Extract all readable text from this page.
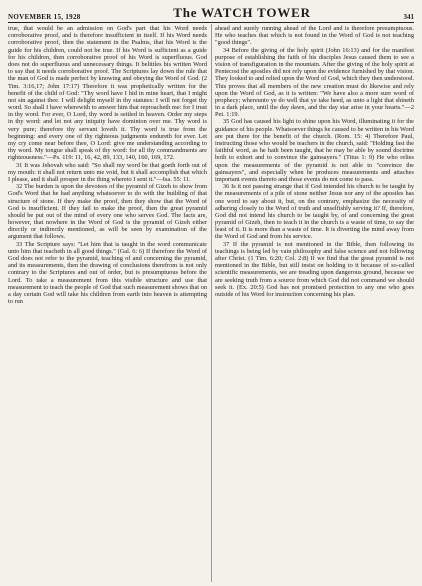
NOVEMBER 15, 1928	The WATCH TOWER	341

true, that would be an admission on God's part that his Word needs corroborative proof, and is therefore insufficient in itself. If his Word needs corroborative proof, then the statement in the Psalms, that his Word is the guide for his children, could not be true. If his Word is sufficient as a guide for his children, then corroborative proof of his Word is superfluous. God does not do superfluous and unnecessary things. It belittles his written Word to say that it needs corroborative proof. The Scriptures lay down the rule that the man of God is made perfect by knowing and obeying the Word of God. (2 Tim. 3:16,17; John 17:17) Therefore it was prophetically written for the benefit of the child of God: "Thy word have I hid in mine heart, that I might not sin against thee. I will delight myself in thy statutes: I will not forget thy word. So shall I have wherewith to answer him that reproacheth me: for I trust in thy word. For ever, O Lord, thy word is settled in heaven. Order my steps in thy word: and let not any iniquity have dominion over me. Thy word is very pure; therefore thy servant loveth it. Thy word is true from the beginning: and every one of thy righteous judgments endureth for ever. Let my cry come near before thee, O Lord: give me understanding according to thy word. My tongue shall speak of thy word: for all thy commandments are righteousness."—Ps. 119: 11, 16, 42, 89, 133, 140, 160, 169, 172.

31 It was Jehovah who said: "So shall my word be that goeth forth out of my mouth: it shall not return unto me void, but it shall accomplish that which I please, and it shall prosper in the thing whereto I sent it."—Isa. 55: 11.

32 The burden is upon the devotees of the pyramid of Gizeh to show from God's Word that he had anything whatsoever to do with the building of that structure of stone. If they make the proof, then they show that the Word of God is insufficient. If they fail to make the proof, then the great pyramid should be put out of the mind of every one who serves God. The facts are, however, that nowhere in the Word of God is the pyramid of Gizeh either directly or indirectly mentioned, as will be seen by examination of the argument that follows.

33 The Scripture says: "Let him that is taught in the word communicate unto him that teacheth in all good things." (Gal. 6: 6) If therefore the Word of God does not refer to the pyramid, teaching of and concerning the pyramid, and its measurements, then the drawing of conclusions therefrom is not only contrary to the Scriptures and out of order, but is presumptuous before the Lord. To take a measurement from this visible structure and use that measurement to teach the people of God that such measurement shows that on a day certain God will take his children from earth into heaven is attempting to run

ahead and surely running ahead of the Lord and is therefore presumptuous. He who teaches that which is not found in the Word of God is not teaching "good things".

34 Before the giving of the holy spirit (John 16:13) and for the manifest purpose of establishing the faith of his disciples Jesus caused them to see a vision of transfiguration in the mountain. After the giving of the holy spirit at Pentecost the apostles did not rely upon the evidence furnished by that vision. They looked to and relied upon the Word of God, which they then understood. This proves that all members of the new creation must do likewise and rely upon the Word of God, as it is written: "We have also a more sure word of prophecy; whereunto ye do well that ye take heed, as unto a light that shineth in a dark place, until the day dawn, and the day star arise in your hearts."—2 Pet. 1:19.

35 God has caused his light to shine upon his Word, illuminating it for the guidance of his people. Whatsoever things he caused to be written in his Word are put there for the benefit of the church. (Rom. 15: 4) Therefore Paul, instructing those who would be teachers in the church, said: "Holding fast the faithful word, as he hath been taught, that he may be able by sound doctrine both to exhort and to convince the gainsayers." (Titus 1: 9) He who relies upon the measurements of the pyramid is not able to "convince the gainsayers", and especially when he produces measurements and attaches important events thereto and those events do not come to pass.

36 Is it not passing strange that if God intended his church to be taught by the measurements of a pile of stone neither Jesus nor any of the apostles has one word to say about it, but, on the contrary, emphasize the necessity of adhering closely to the Word of truth and unselfishly serving it? If, therefore, God did not intend his church to be taught by, of and concerning the great pyramid of Gizeh, then to teach it in the church is a waste of time, to say the least of it. It is more than a waste of time. It is diverting the mind away from the Word of God and from his service.

37 If the pyramid is not mentioned in the Bible, then following its teachings is being led by vain philosophy and false science and not following after Christ. (1 Tim. 6:20; Col. 2:8) If we find that the great pyramid is not mentioned in the Bible, but still insist on holding to it because of so-called scientific measurements, we are treading upon dangerous ground, because we are seeking truth from a source from which God did not command we should seek it. (Ex. 20:5) God has not promised protection to any one who goes outside of his Word for instruction concerning his plan.
